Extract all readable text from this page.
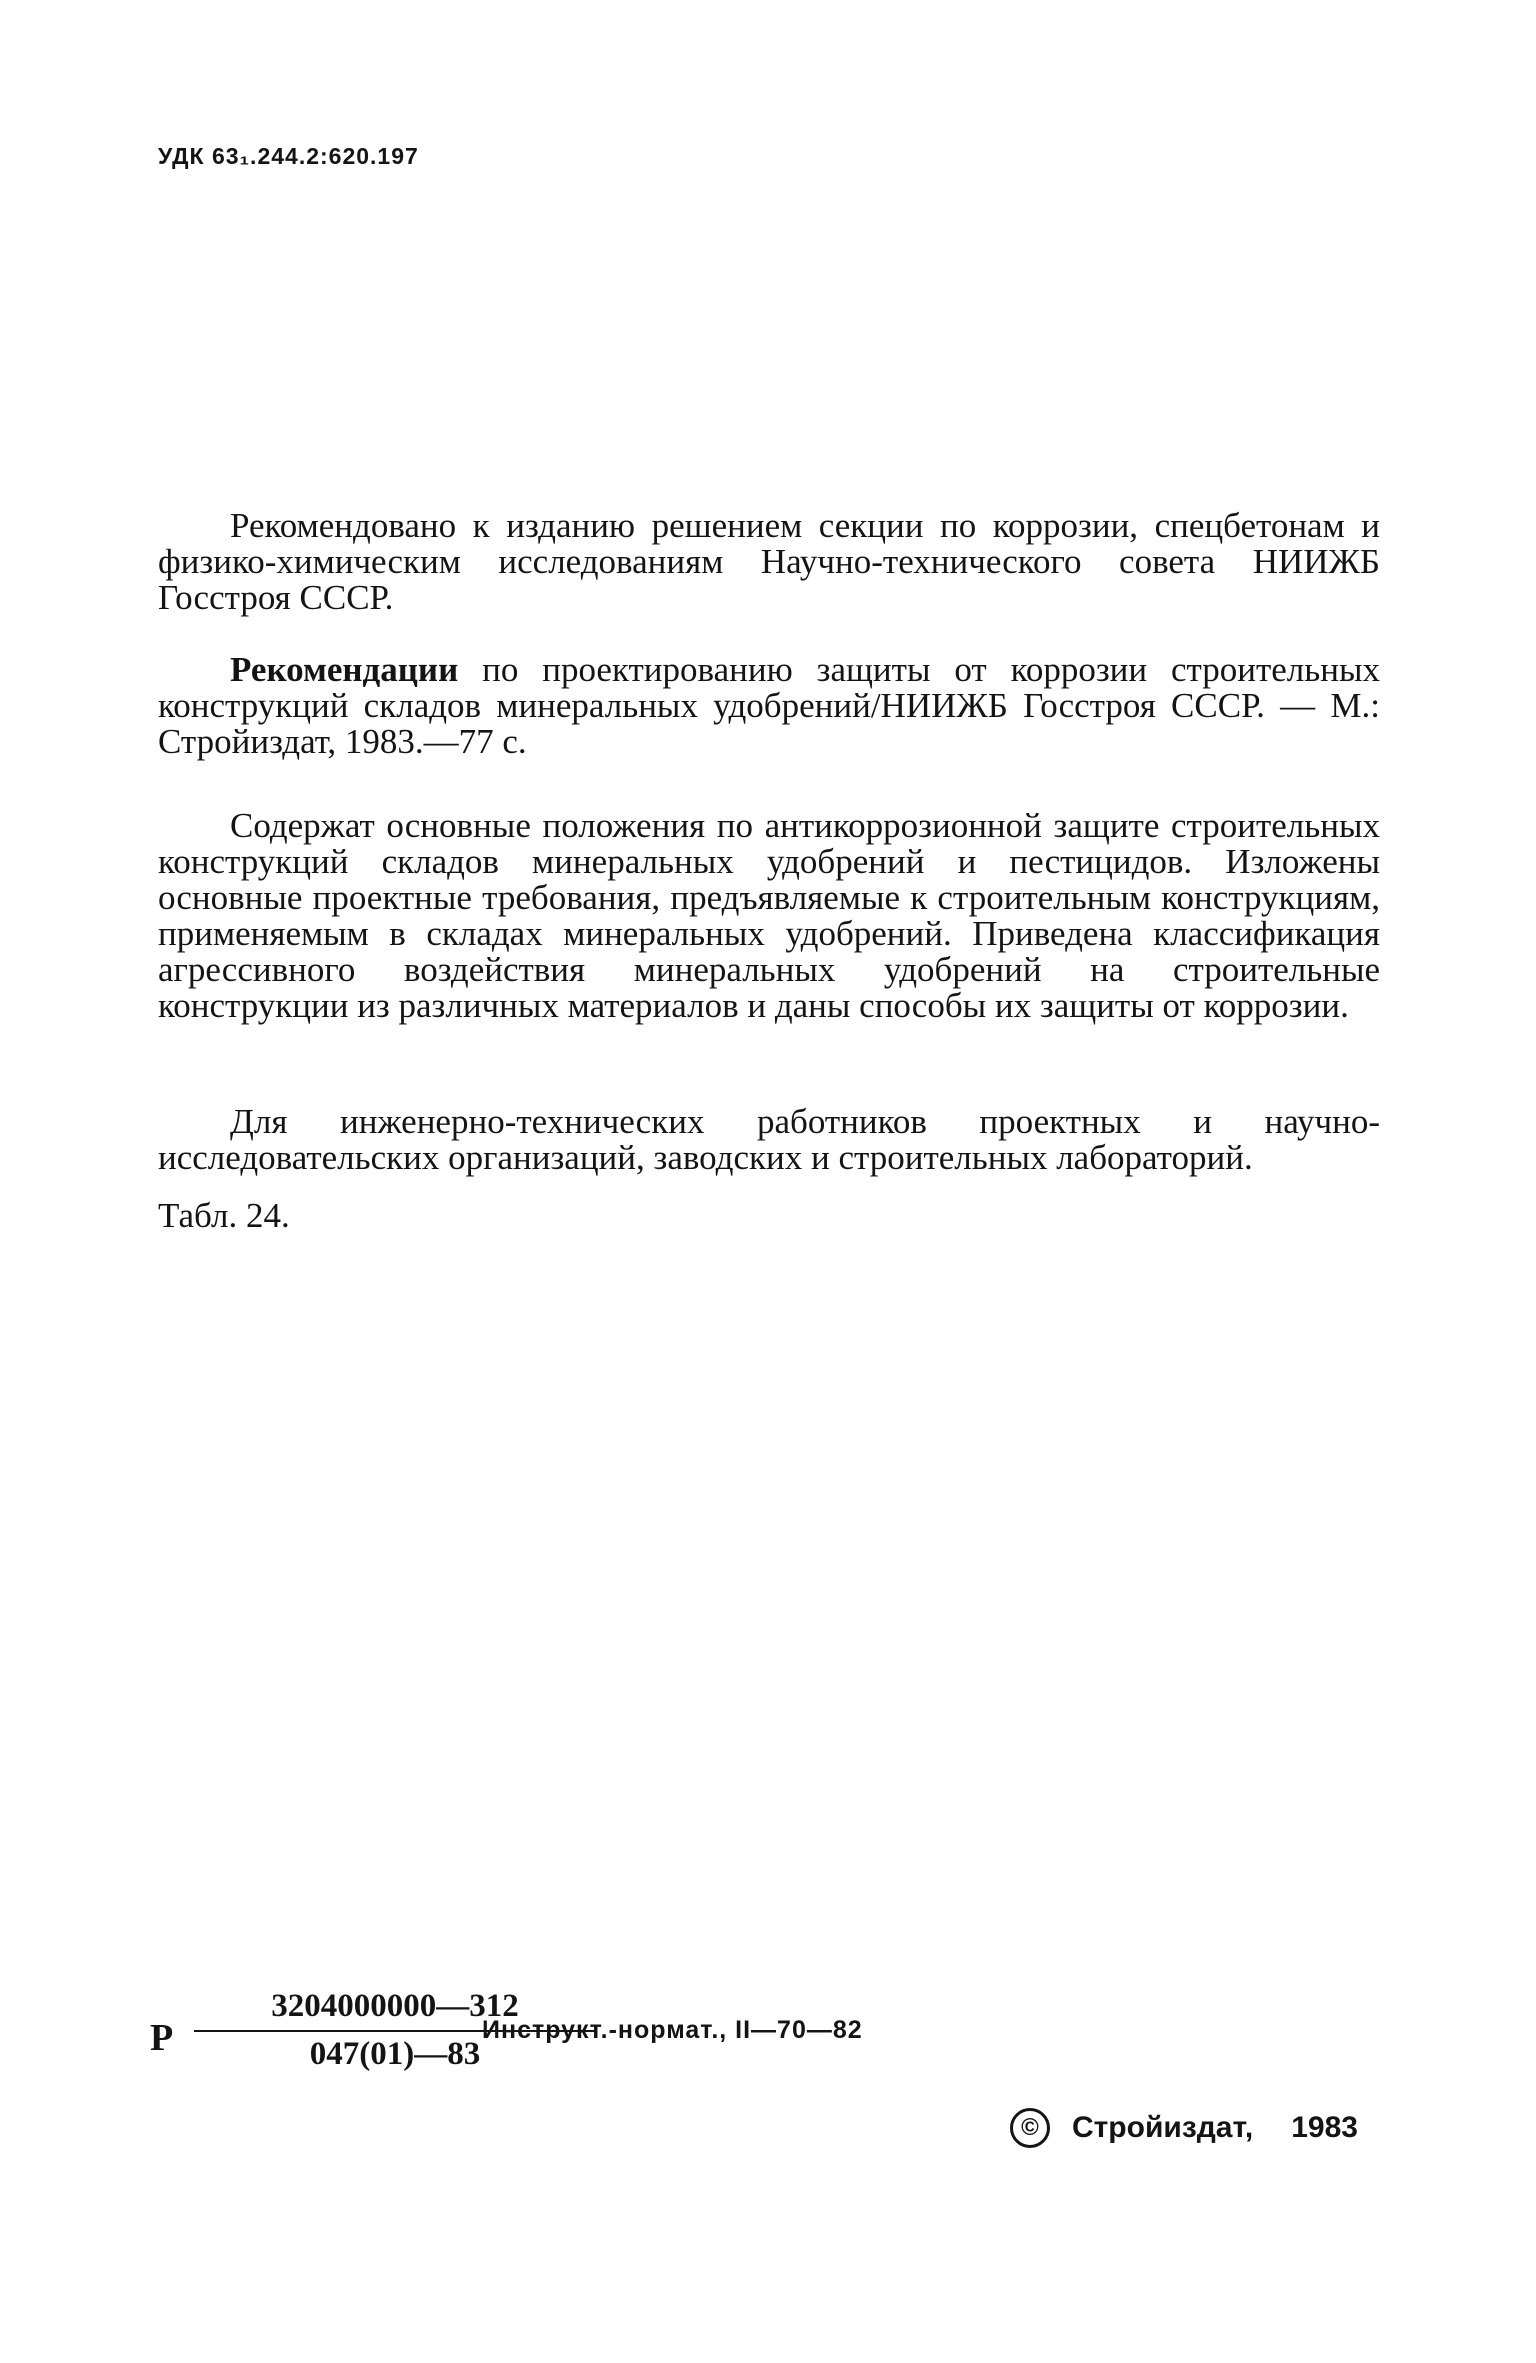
УДК 63₁.244.2:620.197

Рекомендовано к изданию решением секции по коррозии, спецбетонам и физико-химическим исследованиям Научно-технического совета НИИЖБ Госстроя СССР.

Рекомендации по проектированию защиты от коррозии строительных конструкций складов минеральных удобрений/НИИЖБ Госстроя СССР. — М.: Стройиздат, 1983.—77 с.

Содержат основные положения по антикоррозионной защите строительных конструкций складов минеральных удобрений и пестицидов. Изложены основные проектные требования, предъявляемые к строительным конструкциям, применяемым в складах минеральных удобрений. Приведена классификация агрессивного воздействия минеральных удобрений на строительные конструкции из различных материалов и даны способы их защиты от коррозии.

Для инженерно-технических работников проектных и научно-исследовательских организаций, заводских и строительных лабораторий.

Табл. 24.
Р
3204000000—312
047(01)—83
Инструкт.-нормат., II—70—82
©	Стройиздат, 1983
